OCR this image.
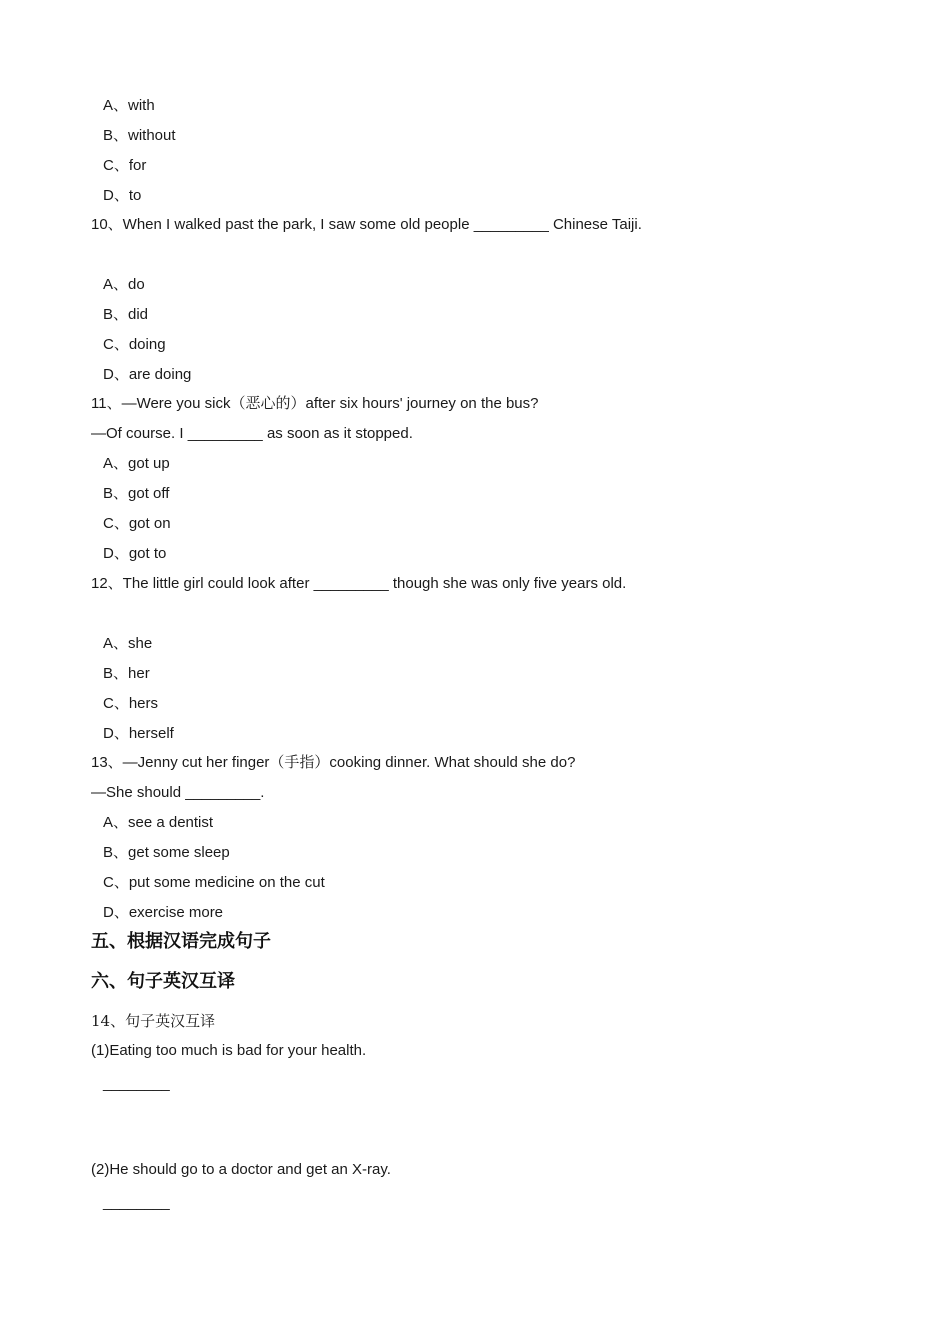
A、with
B、without
C、for
D、to
10、When I walked past the park, I saw some old people _________ Chinese Taiji.
A、do
B、did
C、doing
D、are doing
11、—Were you sick（恶心的）after six hours' journey on the bus?
—Of course. I _________ as soon as it stopped.
A、got up
B、got off
C、got on
D、got to
12、The little girl could look after _________ though she was only five years old.
A、she
B、her
C、hers
D、herself
13、—Jenny cut her finger（手指）cooking dinner. What should she do?
—She should _________.
A、see a dentist
B、get some sleep
C、put some medicine on the cut
D、exercise more
五、根据汉语完成句子
六、句子英汉互译
14、句子英汉互译
(1)Eating too much is bad for your health.
________
(2)He should go to a doctor and get an X-ray.
________
